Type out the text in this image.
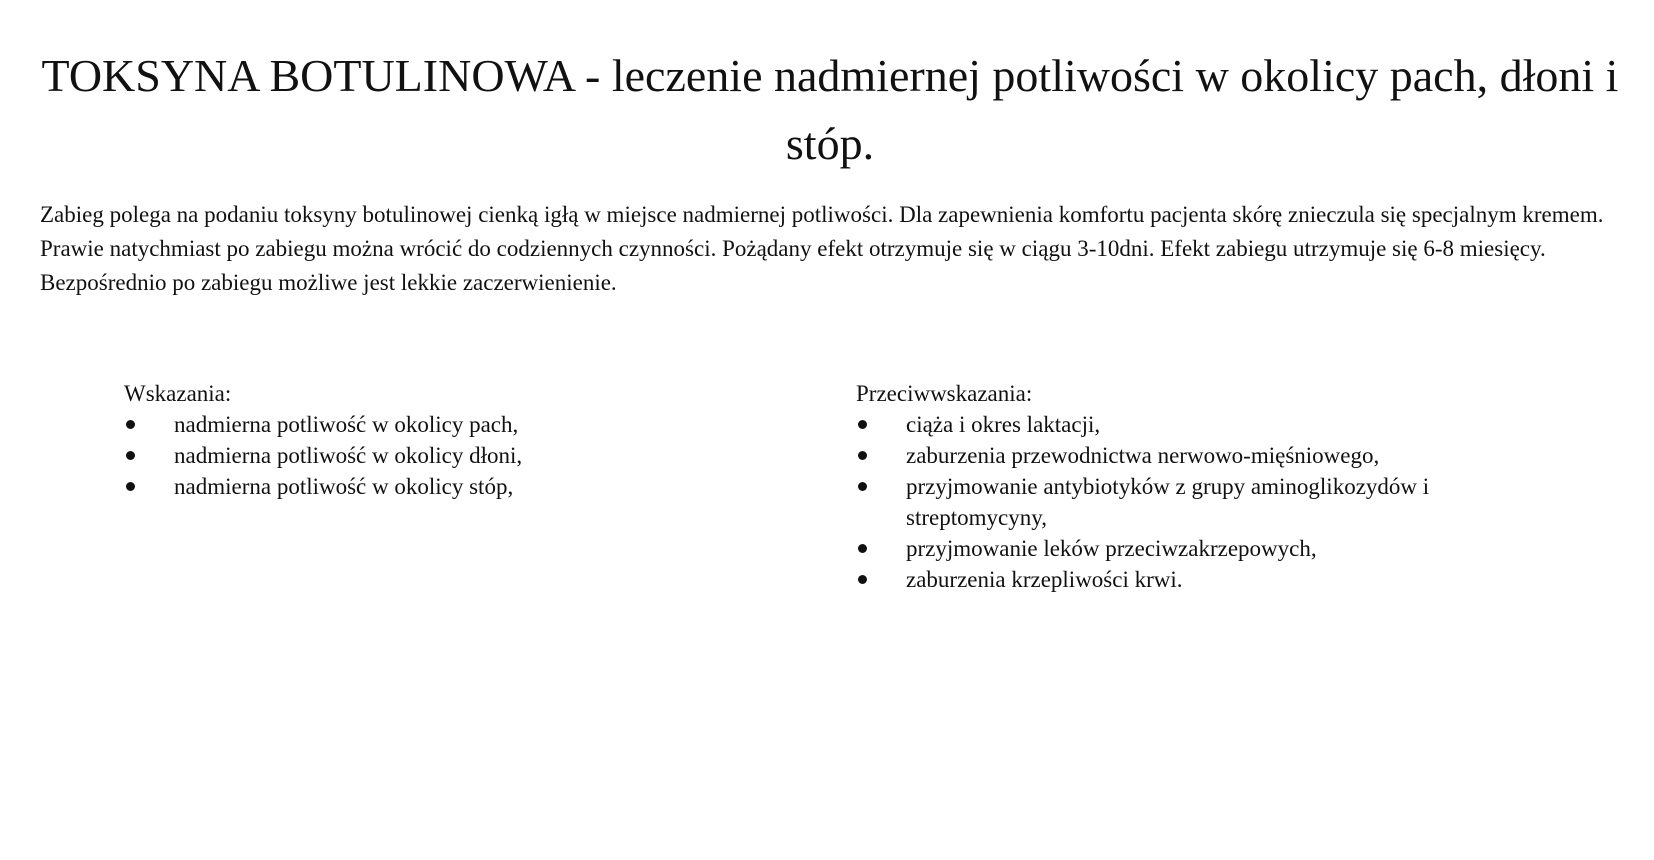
TOKSYNA BOTULINOWA - leczenie nadmiernej potliwości w okolicy pach, dłoni i stóp.
Zabieg polega na podaniu toksyny botulinowej cienką igłą w miejsce nadmiernej potliwości. Dla zapewnienia komfortu pacjenta skórę znieczula się specjalnym kremem.
Prawie natychmiast po zabiegu można wrócić do codziennych czynności. Pożądany efekt otrzymuje się w ciągu 3-10dni. Efekt zabiegu utrzymuje się 6-8 miesięcy.
Bezpośrednio po zabiegu możliwe jest lekkie zaczerwienienie.
Wskazania:
nadmierna potliwość w okolicy pach,
nadmierna potliwość w okolicy dłoni,
nadmierna potliwość w okolicy stóp,
Przeciwwskazania:
ciąża i okres laktacji,
zaburzenia przewodnictwa nerwowo-mięśniowego,
przyjmowanie antybiotyków z grupy aminoglikozydów i streptomycyny,
przyjmowanie leków przeciwzakrzepowych,
zaburzenia krzepliwości krwi.
